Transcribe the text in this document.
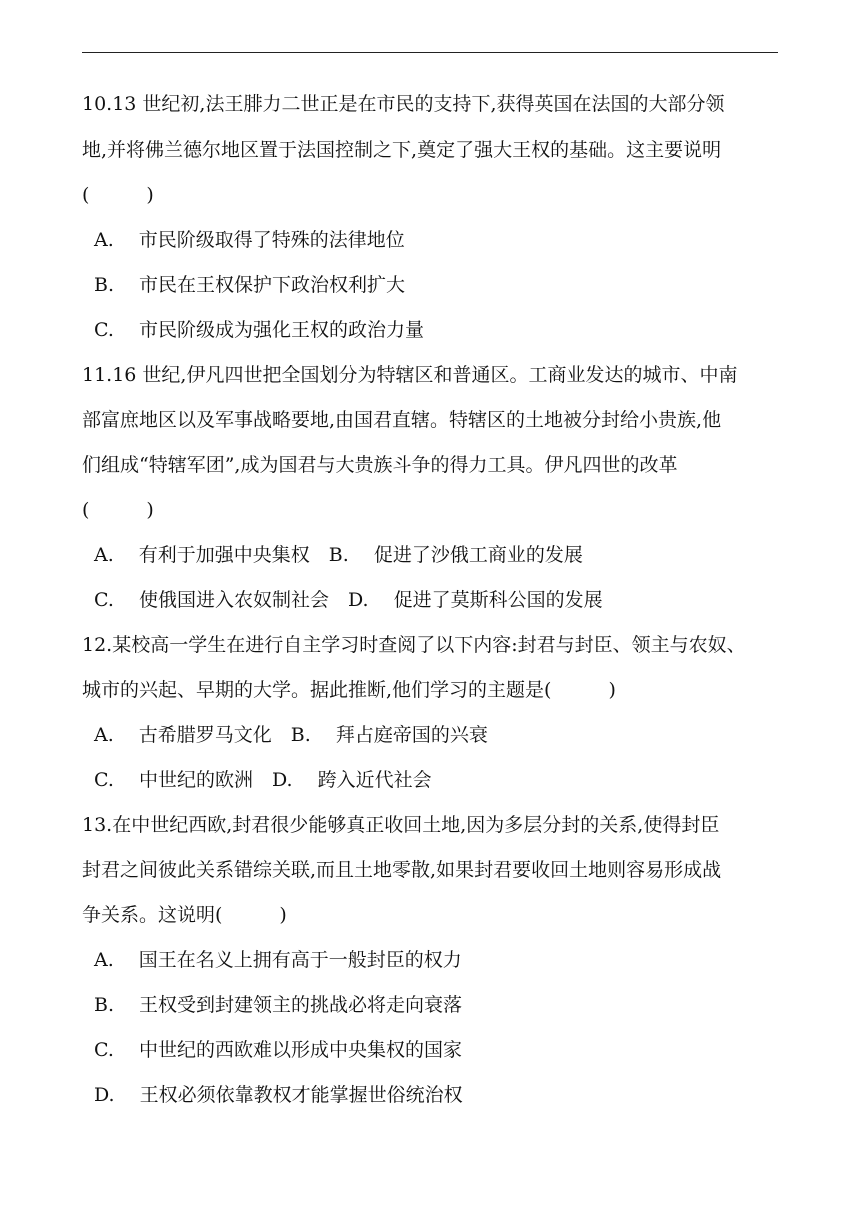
10.13 世纪初,法王腓力二世正是在市民的支持下,获得英国在法国的大部分领
地,并将佛兰德尔地区置于法国控制之下,奠定了强大王权的基础。这主要说明
(　　　)
A.　 市民阶级取得了特殊的法律地位
B.　 市民在王权保护下政治权利扩大
C.　 市民阶级成为强化王权的政治力量
11.16 世纪,伊凡四世把全国划分为特辖区和普通区。工商业发达的城市、中南
部富庶地区以及军事战略要地,由国君直辖。特辖区的土地被分封给小贵族,他
们组成“特辖军团”,成为国君与大贵族斗争的得力工具。伊凡四世的改革
(　　　)
A.　 有利于加强中央集权　B.　 促进了沙俄工商业的发展
C.　 使俄国进入农奴制社会　D.　 促进了莫斯科公国的发展
12.某校高一学生在进行自主学习时查阅了以下内容:封君与封臣、领主与农奴、
城市的兴起、早期的大学。据此推断,他们学习的主题是(　　　)
A.　 古希腊罗马文化　B.　 拜占庭帝国的兴衰
C.　 中世纪的欧洲　D.　 跨入近代社会
13.在中世纪西欧,封君很少能够真正收回土地,因为多层分封的关系,使得封臣
封君之间彼此关系错综关联,而且土地零散,如果封君要收回土地则容易形成战
争关系。这说明(　　　)
A.　 国王在名义上拥有高于一般封臣的权力
B.　 王权受到封建领主的挑战必将走向衰落
C.　 中世纪的西欧难以形成中央集权的国家
D.　 王权必须依靠教权才能掌握世俗统治权
